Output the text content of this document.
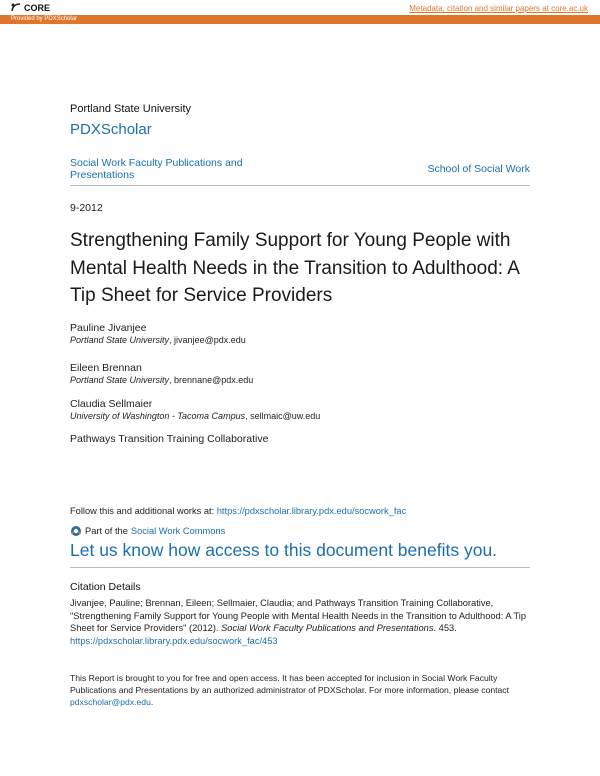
CORE	Metadata, citation and similar papers at core.ac.uk
Provided by PDXScholar
Portland State University
PDXScholar
Social Work Faculty Publications and Presentations	School of Social Work
9-2012
Strengthening Family Support for Young People with Mental Health Needs in the Transition to Adulthood: A Tip Sheet for Service Providers
Pauline Jivanjee
Portland State University, jivanjee@pdx.edu
Eileen Brennan
Portland State University, brennane@pdx.edu
Claudia Sellmaier
University of Washington - Tacoma Campus, sellmaic@uw.edu
Pathways Transition Training Collaborative
Follow this and additional works at: https://pdxscholar.library.pdx.edu/socwork_fac
Part of the Social Work Commons
Let us know how access to this document benefits you.
Citation Details
Jivanjee, Pauline; Brennan, Eileen; Sellmaier, Claudia; and Pathways Transition Training Collaborative, "Strengthening Family Support for Young People with Mental Health Needs in the Transition to Adulthood: A Tip Sheet for Service Providers" (2012). Social Work Faculty Publications and Presentations. 453.
https://pdxscholar.library.pdx.edu/socwork_fac/453
This Report is brought to you for free and open access. It has been accepted for inclusion in Social Work Faculty Publications and Presentations by an authorized administrator of PDXScholar. For more information, please contact pdxscholar@pdx.edu.
